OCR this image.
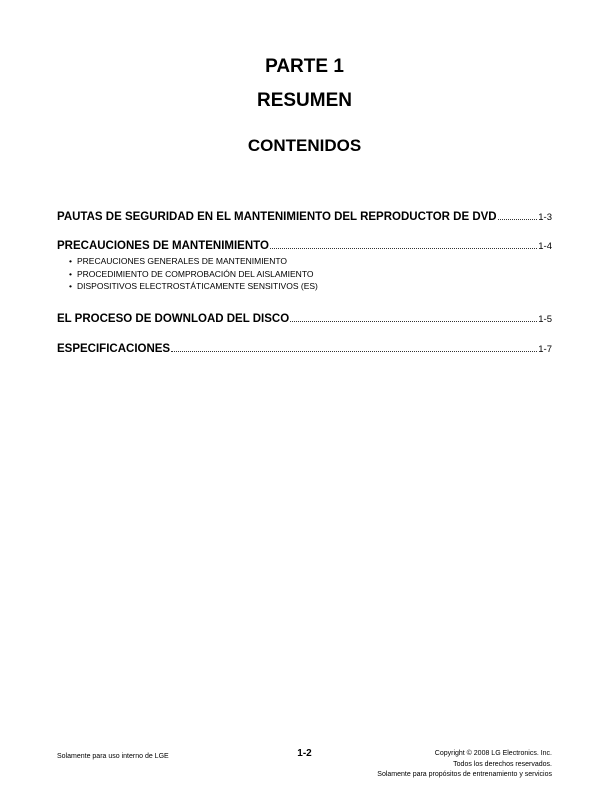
PARTE 1
RESUMEN
CONTENIDOS
PAUTAS DE SEGURIDAD EN EL MANTENIMIENTO DEL REPRODUCTOR DE DVD	1-3
PRECAUCIONES DE MANTENIMIENTO	1-4
EL PROCESO DE DOWNLOAD DEL DISCO	1-5
ESPECIFICACIONES	1-7
• PRECAUCIONES GENERALES DE MANTENIMIENTO
• PROCEDIMIENTO DE COMPROBACIÓN DEL AISLAMIENTO
• DISPOSITIVOS ELECTROSTÁTICAMENTE SENSITIVOS (ES)
Solamente para uso interno de LGE	1-2	Copyright © 2008 LG Electronics. Inc.
Todos los derechos reservados.
Solamente para propósitos de entrenamiento y servicios
